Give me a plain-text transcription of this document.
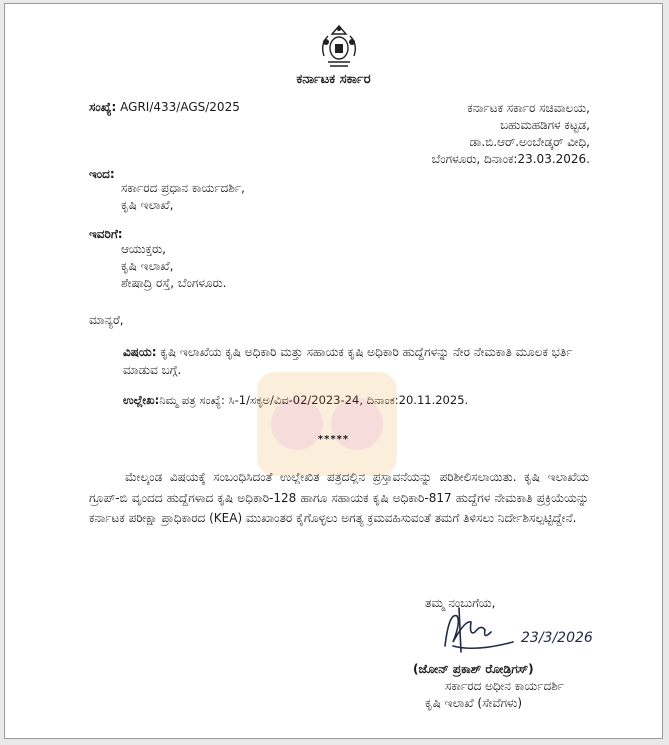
ಕರ್ನಾಟಕ ಸರ್ಕಾರ
ಸಂಖ್ಯೆ: AGRI/433/AGS/2025	ಕರ್ನಾಟಕ ಸರ್ಕಾರ ಸಚಿವಾಲಯ,
ಬಹುಮಹಡಿಗಳ ಕಟ್ಟಡ,
ಡಾ.ಬಿ.ಆರ್.ಅಂಬೇಡ್ಕರ್ ವೀಧಿ,
ಬೆಂಗಳೂರು, ದಿನಾಂಕ:23.03.2026.
ಇಂದ:
ಸರ್ಕಾರದ ಪ್ರಧಾನ ಕಾರ್ಯದರ್ಶಿ,
ಕೃಷಿ ಇಲಾಖೆ,
ಇವರಿಗೆ:
ಆಯುಕ್ತರು,
ಕೃಷಿ ಇಲಾಖೆ,
ಶೇಷಾದ್ರಿ ರಸ್ತೆ, ಬೆಂಗಳೂರು.
ಮಾನ್ಯರೆ,
ವಿಷಯ: ಕೃಷಿ ಇಲಾಖೆಯ ಕೃಷಿ ಅಧಿಕಾರಿ ಮತ್ತು ಸಹಾಯಕ ಕೃಷಿ ಅಧಿಕಾರಿ ಹುದ್ದೆಗಳನ್ನು ನೇರ ನೇಮಕಾತಿ ಮೂಲಕ ಭರ್ತಿ ಮಾಡುವ ಬಗ್ಗೆ.
ಉಲ್ಲೇಖ:ನಿಮ್ಮ ಪತ್ರ ಸಂಖ್ಯೆ: ಸಿ-1/ಸಕೃಅ/ವಿವ-02/2023-24, ದಿನಾಂಕ:20.11.2025.
*****
ಮೇಲ್ಕಂಡ ವಿಷಯಕ್ಕೆ ಸಂಬಂಧಿಸಿದಂತೆ ಉಲ್ಲೇಖಿತ ಪತ್ರದಲ್ಲಿನ ಪ್ರಸ್ತಾವನೆಯನ್ನು ಪರಿಶೀಲಿಸಲಾಯಿತು. ಕೃಷಿ ಇಲಾಖೆಯ ಗ್ರೂಪ್-ಬಿ ವೃಂದದ ಹುದ್ದೆಗಳಾದ ಕೃಷಿ ಅಧಿಕಾರಿ-128 ಹಾಗೂ ಸಹಾಯಕ ಕೃಷಿ ಅಧಿಕಾರಿ-817 ಹುದ್ದೆಗಳ ನೇಮಕಾತಿ ಪ್ರಕ್ರಿಯೆಯನ್ನು ಕರ್ನಾಟಕ ಪರೀಕ್ಷಾ ಪ್ರಾಧಿಕಾರದ (KEA) ಮುಖಾಂತರ ಕೈಗೊಳ್ಳಲು ಅಗತ್ಯ ಕ್ರಮವಹಿಸುವಂತೆ ತಮಗೆ ತಿಳಿಸಲು ನಿರ್ದೇಶಿಸಲ್ಪಟ್ಟಿದ್ದೇನೆ.
ತಮ್ಮ ನಂಬುಗೆಯ,
23/3/2026
(ಜೋನ್ ಪ್ರಕಾಶ್ ರೋಡ್ರಿಗಸ್)
ಸರ್ಕಾರದ ಅಧೀನ ಕಾರ್ಯದರ್ಶಿ
ಕೃಷಿ ಇಲಾಖೆ (ಸೇವೆಗಳು)
